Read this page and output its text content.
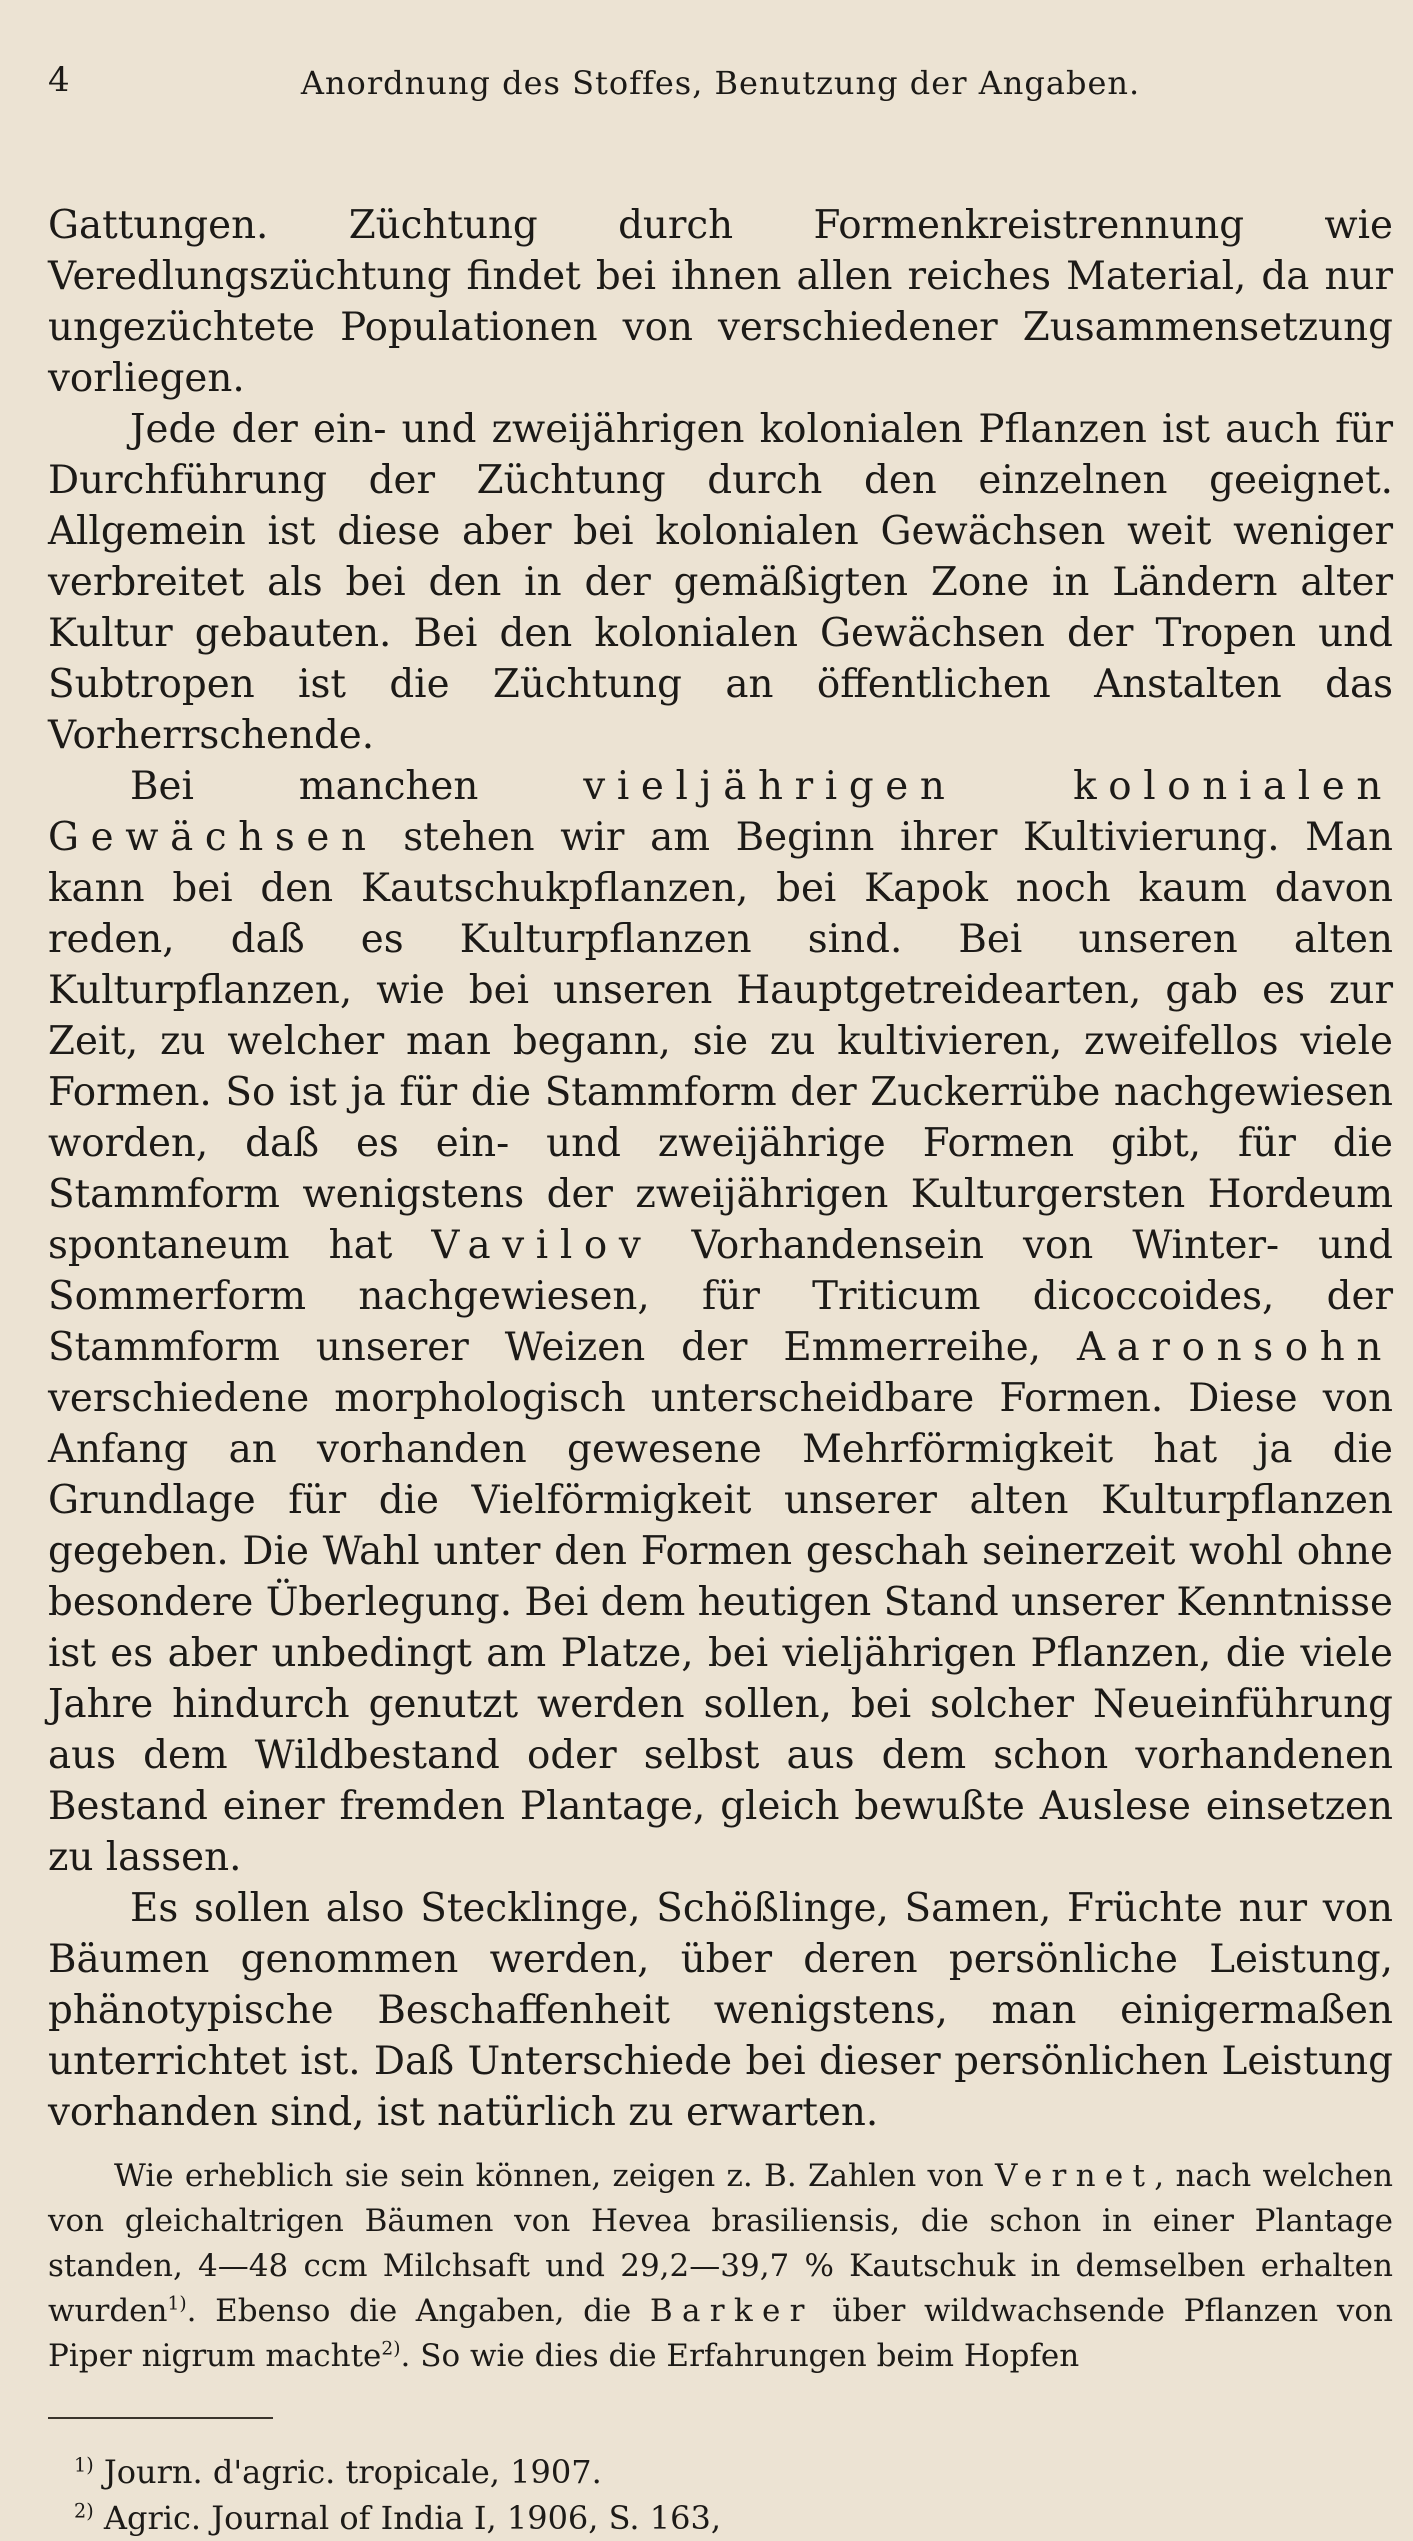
4	Anordnung des Stoffes, Benutzung der Angaben.

Gattungen. Züchtung durch Formenkreistrennung wie Veredlungszüchtung findet bei ihnen allen reiches Material, da nur ungezüchtete Populationen von verschiedener Zusammensetzung vorliegen.

Jede der ein- und zweijährigen kolonialen Pflanzen ist auch für Durchführung der Züchtung durch den einzelnen geeignet. Allgemein ist diese aber bei kolonialen Gewächsen weit weniger verbreitet als bei den in der gemäßigten Zone in Ländern alter Kultur gebauten. Bei den kolonialen Gewächsen der Tropen und Subtropen ist die Züchtung an öffentlichen Anstalten das Vorherrschende.

Bei manchen vieljährigen kolonialen Gewächsen stehen wir am Beginn ihrer Kultivierung. Man kann bei den Kautschukpflanzen, bei Kapok noch kaum davon reden, daß es Kulturpflanzen sind. Bei unseren alten Kulturpflanzen, wie bei unseren Hauptgetreidearten, gab es zur Zeit, zu welcher man begann, sie zu kultivieren, zweifellos viele Formen. So ist ja für die Stammform der Zuckerrübe nachgewiesen worden, daß es ein- und zweijährige Formen gibt, für die Stammform wenigstens der zweijährigen Kulturgersten Hordeum spontaneum hat Vavilov Vorhandensein von Winter- und Sommerform nachgewiesen, für Triticum dicoccoides, der Stammform unserer Weizen der Emmerreihe, Aaronsohn verschiedene morphologisch unterscheidbare Formen. Diese von Anfang an vorhanden gewesene Mehrförmigkeit hat ja die Grundlage für die Vielförmigkeit unserer alten Kulturpflanzen gegeben. Die Wahl unter den Formen geschah seinerzeit wohl ohne besondere Überlegung. Bei dem heutigen Stand unserer Kenntnisse ist es aber unbedingt am Platze, bei vieljährigen Pflanzen, die viele Jahre hindurch genutzt werden sollen, bei solcher Neueinführung aus dem Wildbestand oder selbst aus dem schon vorhandenen Bestand einer fremden Plantage, gleich bewußte Auslese einsetzen zu lassen.

Es sollen also Stecklinge, Schößlinge, Samen, Früchte nur von Bäumen genommen werden, über deren persönliche Leistung, phänotypische Beschaffenheit wenigstens, man einigermaßen unterrichtet ist. Daß Unterschiede bei dieser persönlichen Leistung vorhanden sind, ist natürlich zu erwarten.

Wie erheblich sie sein können, zeigen z. B. Zahlen von Vernet, nach welchen von gleichaltrigen Bäumen von Hevea brasiliensis, die schon in einer Plantage standen, 4—48 ccm Milchsaft und 29,2—39,7 % Kautschuk in demselben erhalten wurden$^{1)}$. Ebenso die Angaben, die Barker über wildwachsende Pflanzen von Piper nigrum machte$^{2)}$. So wie dies die Erfahrungen beim Hopfen

$^{1)}$ Journ. d'agric. tropicale, 1907.
$^{2)}$ Agric. Journal of India I, 1906, S. 163,
